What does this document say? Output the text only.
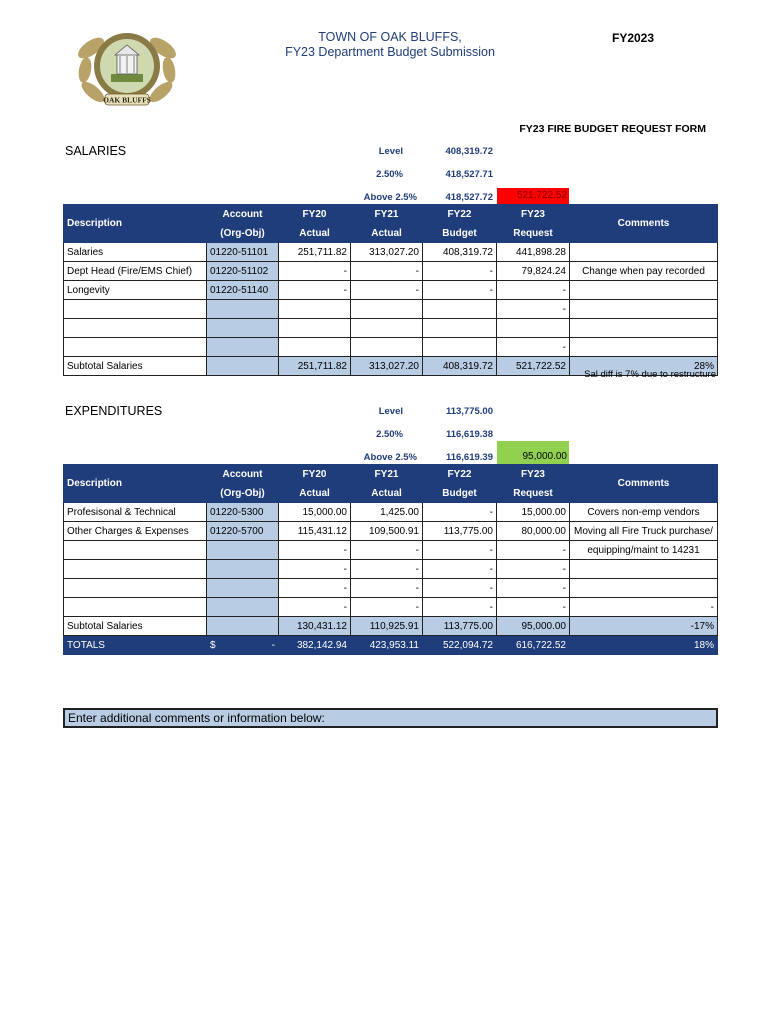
OAK BLUFFS
TOWN OF OAK BLUFFS,
FY23 Department Budget Submission
FY2023
FY23 FIRE BUDGET REQUEST FORM
SALARIES	Level	408,319.72
2.50%	418,527.71
Above 2.5%	418,527.72	521,722.52
Description	Account	FY20	FY21	FY22	FY23	Comments
	(Org-Obj)	Actual	Actual	Budget	Request	
Salaries	01220-51101	251,711.82	313,027.20	408,319.72	441,898.28	
Dept Head (Fire/EMS Chief)	01220-51102	-	-	-	79,824.24	Change when pay recorded
Longevity	01220-51140	-	-	-	-	
					-	

					-	
Subtotal Salaries		251,711.82	313,027.20	408,319.72	521,722.52	28%
Sal diff is 7% due to restructure
EXPENDITURES	Level	113,775.00
2.50%	116,619.38
Above 2.5%	116,619.39	95,000.00
Description	Account	FY20	FY21	FY22	FY23	Comments
	(Org-Obj)	Actual	Actual	Budget	Request	
Profesisonal & Technical	01220-5300	15,000.00	1,425.00	-	15,000.00	Covers non-emp vendors
Other Charges & Expenses	01220-5700	115,431.12	109,500.91	113,775.00	80,000.00	Moving all Fire Truck purchase/
		-	-	-	-	equipping/maint to 14231
		-	-	-	-	
		-	-	-	-	
		-	-	-	-	-
Subtotal Salaries		130,431.12	110,925.91	113,775.00	95,000.00	-17%
TOTALS	$ -	382,142.94	423,953.11	522,094.72	616,722.52	18%
Enter additional comments or information below:
